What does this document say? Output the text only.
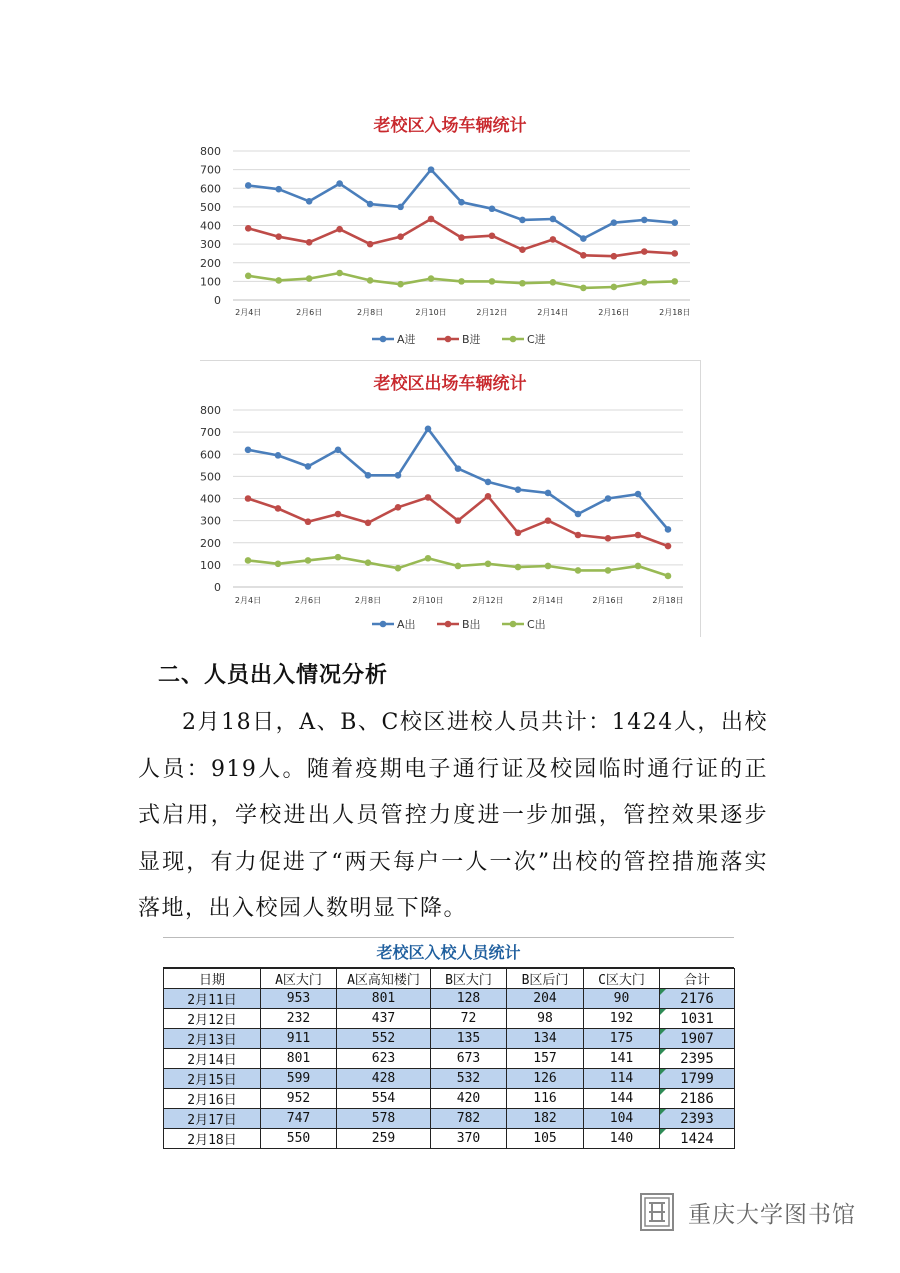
老校区入场车辆统计
0
100
200
300
400
500
600
700
800
2月4日	2月6日	2月8日	2月10日	2月12日	2月14日	2月16日	2月18日
A进	B进	C进
老校区出场车辆统计
0
100
200
300
400
500
600
700
800
2月4日	2月6日	2月8日	2月10日	2月12日	2月14日	2月16日	2月18日
A出	B出	C出
二、人员出入情况分析

2月18日，A、B、C校区进校人员共计：1424人，出校人员：919人。随着疫期电子通行证及校园临时通行证的正式启用，学校进出人员管控力度进一步加强，管控效果逐步显现，有力促进了“两天每户一人一次”出校的管控措施落实落地，出入校园人数明显下降。

老校区入校人员统计
日期	A区大门	A区高知楼门	B区大门	B区后门	C区大门	合计
2月11日	953	801	128	204	90	2176
2月12日	232	437	72	98	192	1031
2月13日	911	552	135	134	175	1907
2月14日	801	623	673	157	141	2395
2月15日	599	428	532	126	114	1799
2月16日	952	554	420	116	144	2186
2月17日	747	578	782	182	104	2393
2月18日	550	259	370	105	140	1424
重庆大学图书馆
